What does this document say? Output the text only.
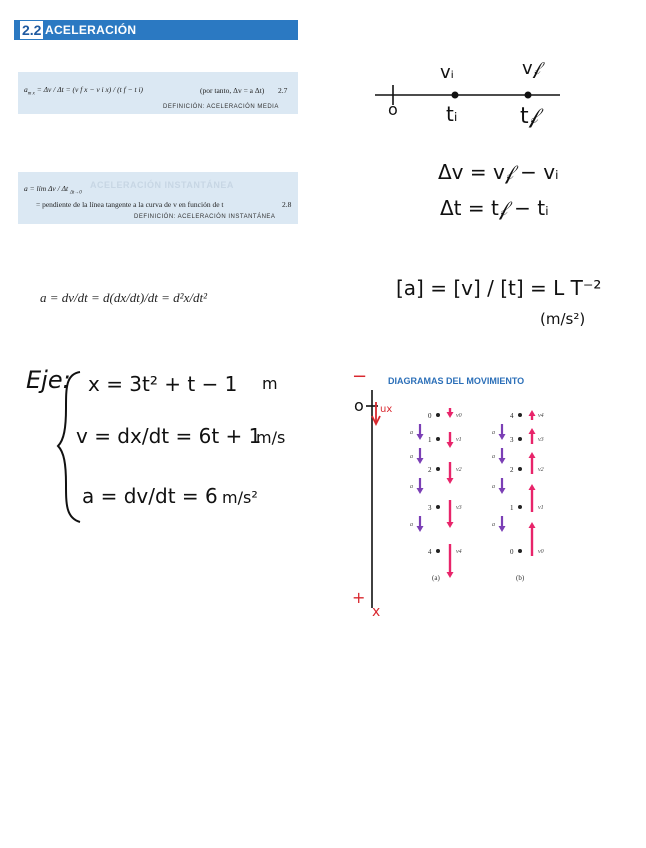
2.2 ACELERACIÓN
$a_{m x} = \Delta v / \Delta t = (v$ f x − v i x) / (t f − t i)	(por tanto, Δv = a Δt) 2.7
DEFINICIÓN: ACELERACIÓN MEDIA
ACELERACIÓN INSTANTÁNEA
a = lím Δv / Δt $_{\Delta t\to 0}$
= pendiente de la línea tangente a la curva de v en función de t	2.8
DEFINICIÓN: ACELERACIÓN INSTANTÁNEA
a = dv/dt = d(dx/dt)/dt = d²x/dt²
vᵢ	v𝒻
o tᵢ	t𝒻
Δv = v𝒻 − vᵢ
Δt = t𝒻 − tᵢ
[a] = [v] / [t] = L T⁻²
(m/s²)
Eje: x = 3t² + t − 1 m
v = dx/dt = 6t + 1
m/s
a = dv/dt = 6 m/s²
−
o ux
+
x
DIAGRAMAS DEL MOVIMIENTO
0	v0
a
1	v1
a
2	v2
a
3	v3
a
4	v4
(a)
4	v4
a
3	v3
a
2	v2
a
1	v1
a
0	v0
(b)
